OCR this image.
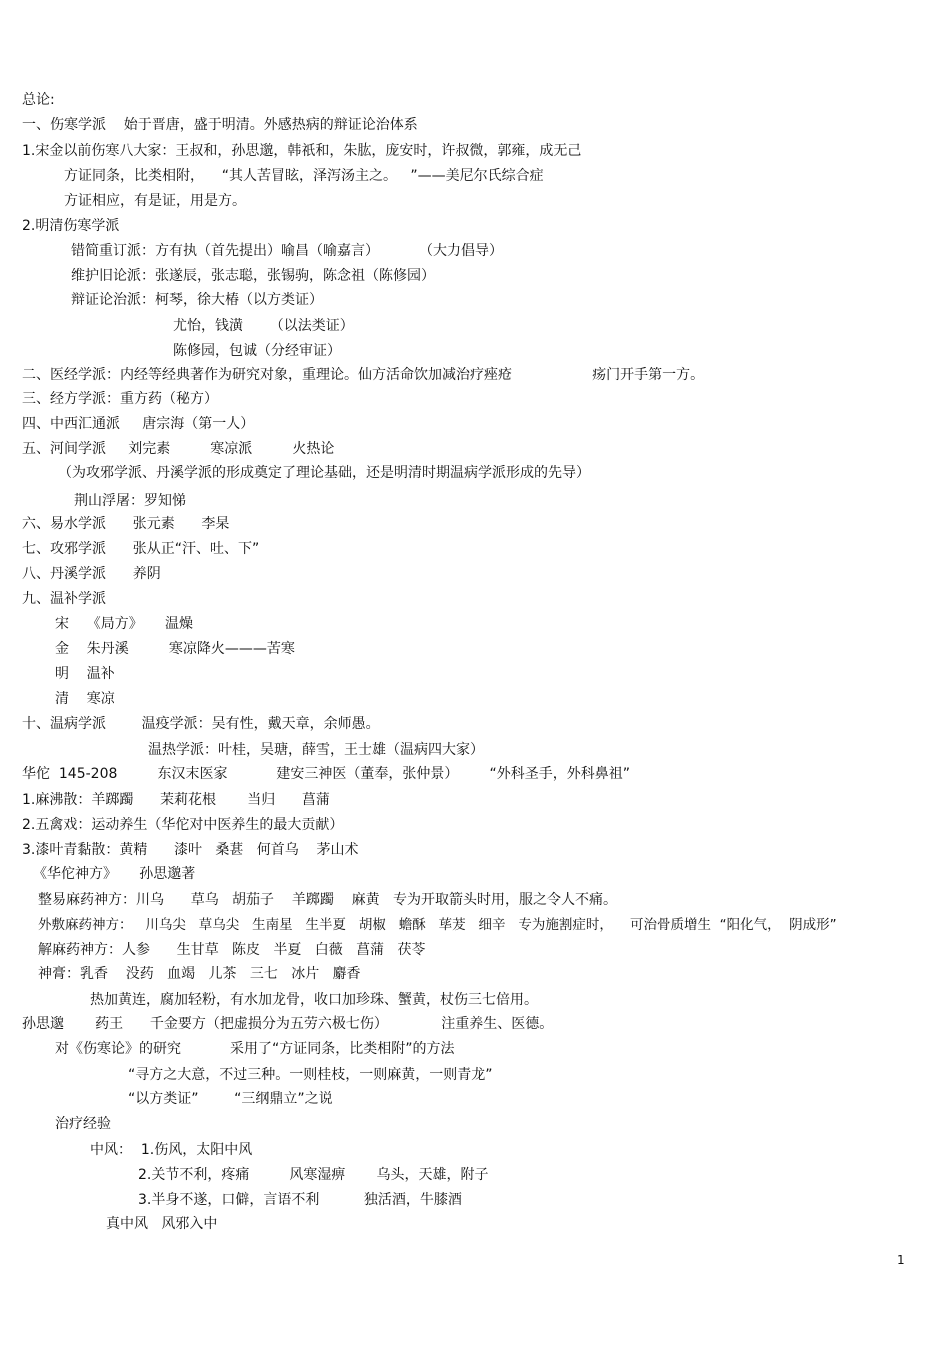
总论:
一、伤寒学派    始于晋唐，盛于明清。外感热病的辩证论治体系
1.宋金以前伤寒八大家：王叔和，孙思邈，韩祇和，朱肱，庞安时，许叔微，郭雍，成无己
方证同条，比类相附，    “其人苦冒眩，泽泻汤主之。   ”——美尼尔氏综合症
方证相应，有是证，用是方。
2.明清伤寒学派
错简重订派：方有执（首先提出）喻昌（喻嘉言）         （大力倡导）
维护旧论派：张遂辰，张志聪，张锡驹，陈念祖（陈修园）
辩证论治派：柯琴，徐大椿（以方类证）
尤怡，钱潢      （以法类证）
陈修园，包诚（分经审证）
二、医经学派：内经等经典著作为研究对象，重理论。仙方活命饮加减治疗痤疮                  疡门开手第一方。
三、经方学派：重方药（秘方）
四、中西汇通派     唐宗海（第一人）
五、河间学派     刘完素         寒凉派         火热论
（为攻邪学派、丹溪学派的形成奠定了理论基础，还是明清时期温病学派形成的先导）
荆山浮屠：罗知悌
六、易水学派      张元素      李杲
七、攻邪学派      张从正“汗、吐、下”
八、丹溪学派      养阴
九、温补学派
宋    《局方》     温燥
金    朱丹溪         寒凉降火———苦寒
明    温补
清    寒凉
十、温病学派        温疫学派：吴有性，戴天章，余师愚。
温热学派：叶桂，吴瑭，薛雪，王士雄（温病四大家）
华佗  145-208         东汉末医家           建安三神医（董奉，张仲景）       “外科圣手，外科鼻祖”
1.麻沸散：羊踯躅      茉莉花根       当归      菖蒲
2.五禽戏：运动养生（华佗对中医养生的最大贡献）
3.漆叶青黏散：黄精      漆叶   桑葚   何首乌    茅山术
《华佗神方》     孙思邈著
整易麻药神方：川乌      草乌   胡茄子    羊踯躅    麻黄   专为开取箭头时用，服之令人不痛。
外敷麻药神方：   川乌尖   草乌尖   生南星   生半夏   胡椒   蟾酥   荜茇   细辛   专为施割症时，    可治骨质增生  “阳化气，  阴成形”
解麻药神方：人参      生甘草   陈皮   半夏   白薇   菖蒲   茯苓
神膏：乳香    没药   血竭   儿茶   三七   冰片   麝香
热加黄连，腐加轻粉，有水加龙骨，收口加珍珠、蟹黄，杖伤三七倍用。
孙思邈       药王      千金要方（把虚损分为五劳六极七伤）            注重养生、医德。
对《伤寒论》的研究           采用了“方证同条，比类相附”的方法
“寻方之大意，不过三种。一则桂枝，一则麻黄，一则青龙”
“以方类证”        “三纲鼎立”之说
治疗经验
中风：  1.伤风，太阳中风
2.关节不利，疼痛         风寒湿痹       乌头，天雄，附子
3.半身不遂，口僻，言语不利          独活酒，牛膝酒
真中风   风邪入中
1
